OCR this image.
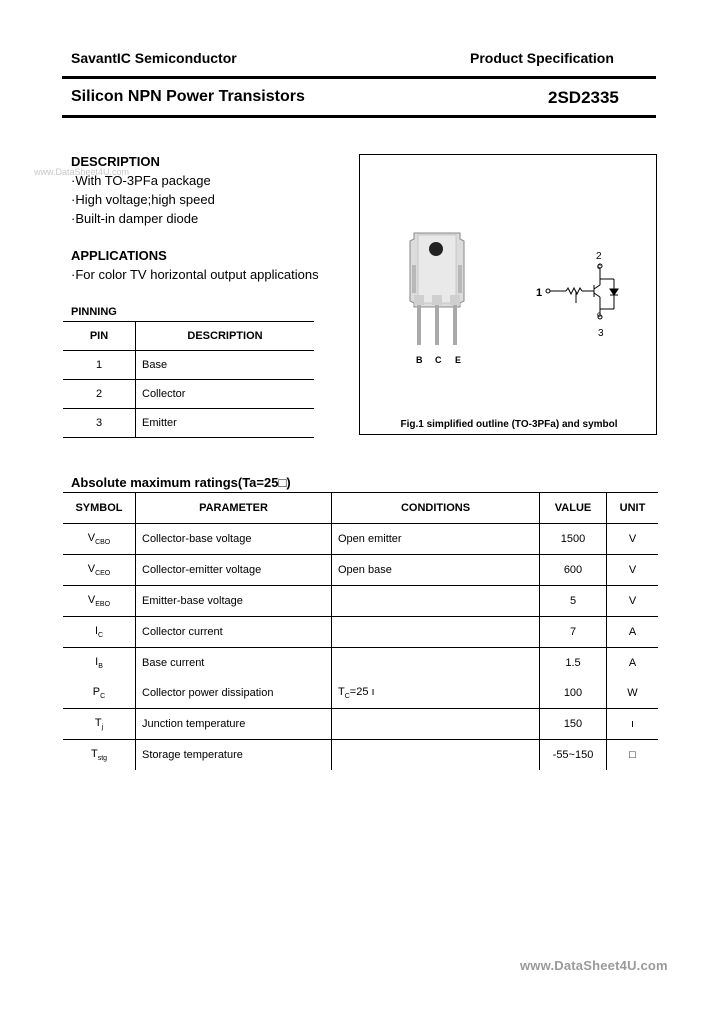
SavantIC Semiconductor	Product Specification
Silicon NPN Power Transistors	2SD2335
www.DataSheet4U.com
DESCRIPTION
·With TO-3PFa package
·High voltage;high speed
·Built-in damper diode
APPLICATIONS
·For color TV horizontal output applications
PINNING
PIN	DESCRIPTION
1	Base
2	Collector
3	Emitter
B C E
1
2
c
c
3
Fig.1 simplified outline (TO-3PFa) and symbol
Absolute maximum ratings(Ta=25□)
SYMBOL	PARAMETER	CONDITIONS	VALUE	UNIT
$V_{CBO}$	Collector-base voltage	Open emitter	1500	V
$V_{CEO}$	Collector-emitter voltage	Open base	600	V
$V_{EBO}$	Emitter-base voltage		5	V
$I_C$	Collector current		7	A
$I_B$	Base current		1.5	A
$P_C$	Collector power dissipation	$T_C=25$ ı	100	W
$T_j$	Junction temperature		150	ı
$T_{stg}$	Storage temperature		-55~150	□
www.DataSheet4U.com
